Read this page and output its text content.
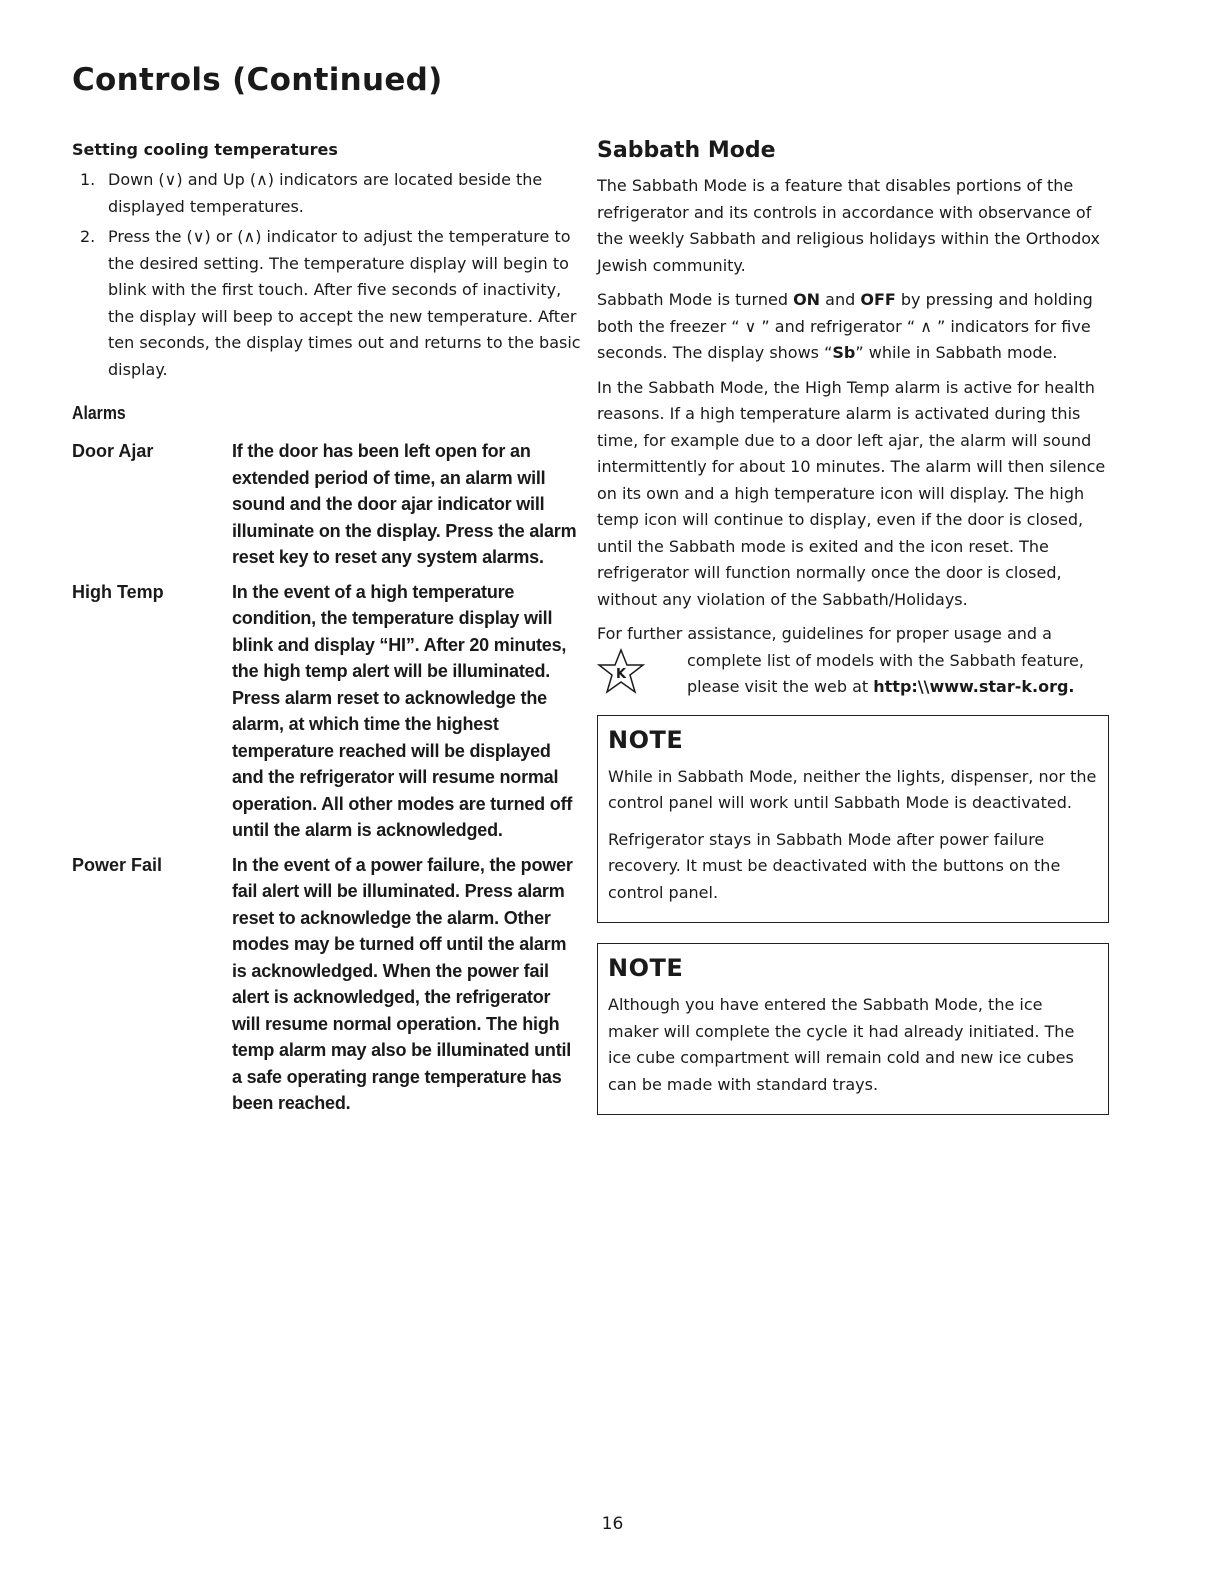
Controls (Continued)
Setting cooling temperatures
1. Down (∨) and Up (∧) indicators are located beside the displayed temperatures.
2. Press the (∨) or (∧) indicator to adjust the temperature to the desired setting. The temperature display will begin to blink with the first touch. After five seconds of inactivity, the display will beep to accept the new temperature. After ten seconds, the display times out and returns to the basic display.
Alarms
Door Ajar	If the door has been left open for an extended period of time, an alarm will sound and the door ajar indicator will illuminate on the display. Press the alarm reset key to reset any system alarms.
High Temp	In the event of a high temperature condition, the temperature display will blink and display “HI”. After 20 minutes, the high temp alert will be illuminated. Press alarm reset to acknowledge the alarm, at which time the highest temperature reached will be displayed and the refrigerator will resume normal operation. All other modes are turned off until the alarm is acknowledged.
Power Fail	In the event of a power failure, the power fail alert will be illuminated. Press alarm reset to acknowledge the alarm. Other modes may be turned off until the alarm is acknowledged. When the power fail alert is acknowledged, the refrigerator will resume normal operation. The high temp alarm may also be illuminated until a safe operating range temperature has been reached.
Sabbath Mode

The Sabbath Mode is a feature that disables portions of the refrigerator and its controls in accordance with observance of the weekly Sabbath and religious holidays within the Orthodox Jewish community.

Sabbath Mode is turned ON and OFF by pressing and holding both the freezer “ ∨ ” and refrigerator “ ∧ ” indicators for five seconds. The display shows “Sb” while in Sabbath mode.

In the Sabbath Mode, the High Temp alarm is active for health reasons. If a high temperature alarm is activated during this time, for example due to a door left ajar, the alarm will sound intermittently for about 10 minutes. The alarm will then silence on its own and a high temperature icon will display. The high temp icon will continue to display, even if the door is closed, until the Sabbath mode is exited and the icon reset. The refrigerator will function normally once the door is closed, without any violation of the Sabbath/Holidays.

For further assistance, guidelines for proper usage and a

K
complete list of models with the Sabbath feature, please visit the web at http:\\www.star-k.org.
NOTE

While in Sabbath Mode, neither the lights, dispenser, nor the control panel will work until Sabbath Mode is deactivated.

Refrigerator stays in Sabbath Mode after power failure recovery. It must be deactivated with the buttons on the control panel.

NOTE

Although you have entered the Sabbath Mode, the ice maker will complete the cycle it had already initiated. The ice cube compartment will remain cold and new ice cubes can be made with standard trays.

16
